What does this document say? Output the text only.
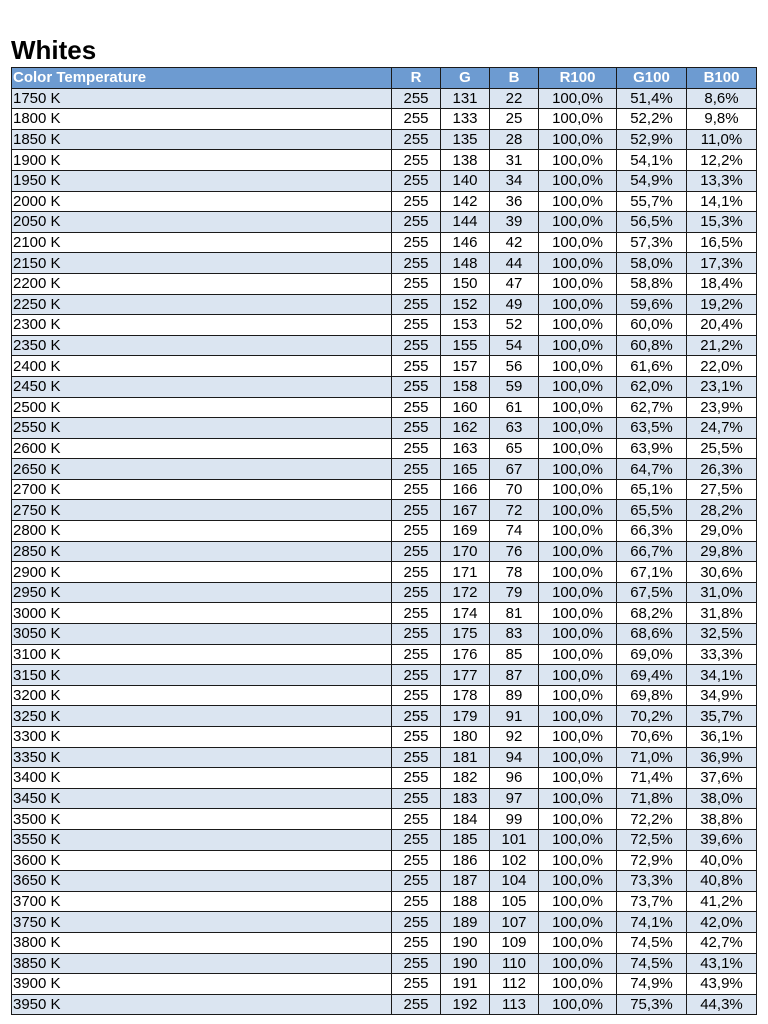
Whites
Color Temperature	R	G	B	R100	G100	B100
1750 K	255	131	22	100,0%	51,4%	8,6%
1800 K	255	133	25	100,0%	52,2%	9,8%
1850 K	255	135	28	100,0%	52,9%	11,0%
1900 K	255	138	31	100,0%	54,1%	12,2%
1950 K	255	140	34	100,0%	54,9%	13,3%
2000 K	255	142	36	100,0%	55,7%	14,1%
2050 K	255	144	39	100,0%	56,5%	15,3%
2100 K	255	146	42	100,0%	57,3%	16,5%
2150 K	255	148	44	100,0%	58,0%	17,3%
2200 K	255	150	47	100,0%	58,8%	18,4%
2250 K	255	152	49	100,0%	59,6%	19,2%
2300 K	255	153	52	100,0%	60,0%	20,4%
2350 K	255	155	54	100,0%	60,8%	21,2%
2400 K	255	157	56	100,0%	61,6%	22,0%
2450 K	255	158	59	100,0%	62,0%	23,1%
2500 K	255	160	61	100,0%	62,7%	23,9%
2550 K	255	162	63	100,0%	63,5%	24,7%
2600 K	255	163	65	100,0%	63,9%	25,5%
2650 K	255	165	67	100,0%	64,7%	26,3%
2700 K	255	166	70	100,0%	65,1%	27,5%
2750 K	255	167	72	100,0%	65,5%	28,2%
2800 K	255	169	74	100,0%	66,3%	29,0%
2850 K	255	170	76	100,0%	66,7%	29,8%
2900 K	255	171	78	100,0%	67,1%	30,6%
2950 K	255	172	79	100,0%	67,5%	31,0%
3000 K	255	174	81	100,0%	68,2%	31,8%
3050 K	255	175	83	100,0%	68,6%	32,5%
3100 K	255	176	85	100,0%	69,0%	33,3%
3150 K	255	177	87	100,0%	69,4%	34,1%
3200 K	255	178	89	100,0%	69,8%	34,9%
3250 K	255	179	91	100,0%	70,2%	35,7%
3300 K	255	180	92	100,0%	70,6%	36,1%
3350 K	255	181	94	100,0%	71,0%	36,9%
3400 K	255	182	96	100,0%	71,4%	37,6%
3450 K	255	183	97	100,0%	71,8%	38,0%
3500 K	255	184	99	100,0%	72,2%	38,8%
3550 K	255	185	101	100,0%	72,5%	39,6%
3600 K	255	186	102	100,0%	72,9%	40,0%
3650 K	255	187	104	100,0%	73,3%	40,8%
3700 K	255	188	105	100,0%	73,7%	41,2%
3750 K	255	189	107	100,0%	74,1%	42,0%
3800 K	255	190	109	100,0%	74,5%	42,7%
3850 K	255	190	110	100,0%	74,5%	43,1%
3900 K	255	191	112	100,0%	74,9%	43,9%
3950 K	255	192	113	100,0%	75,3%	44,3%
